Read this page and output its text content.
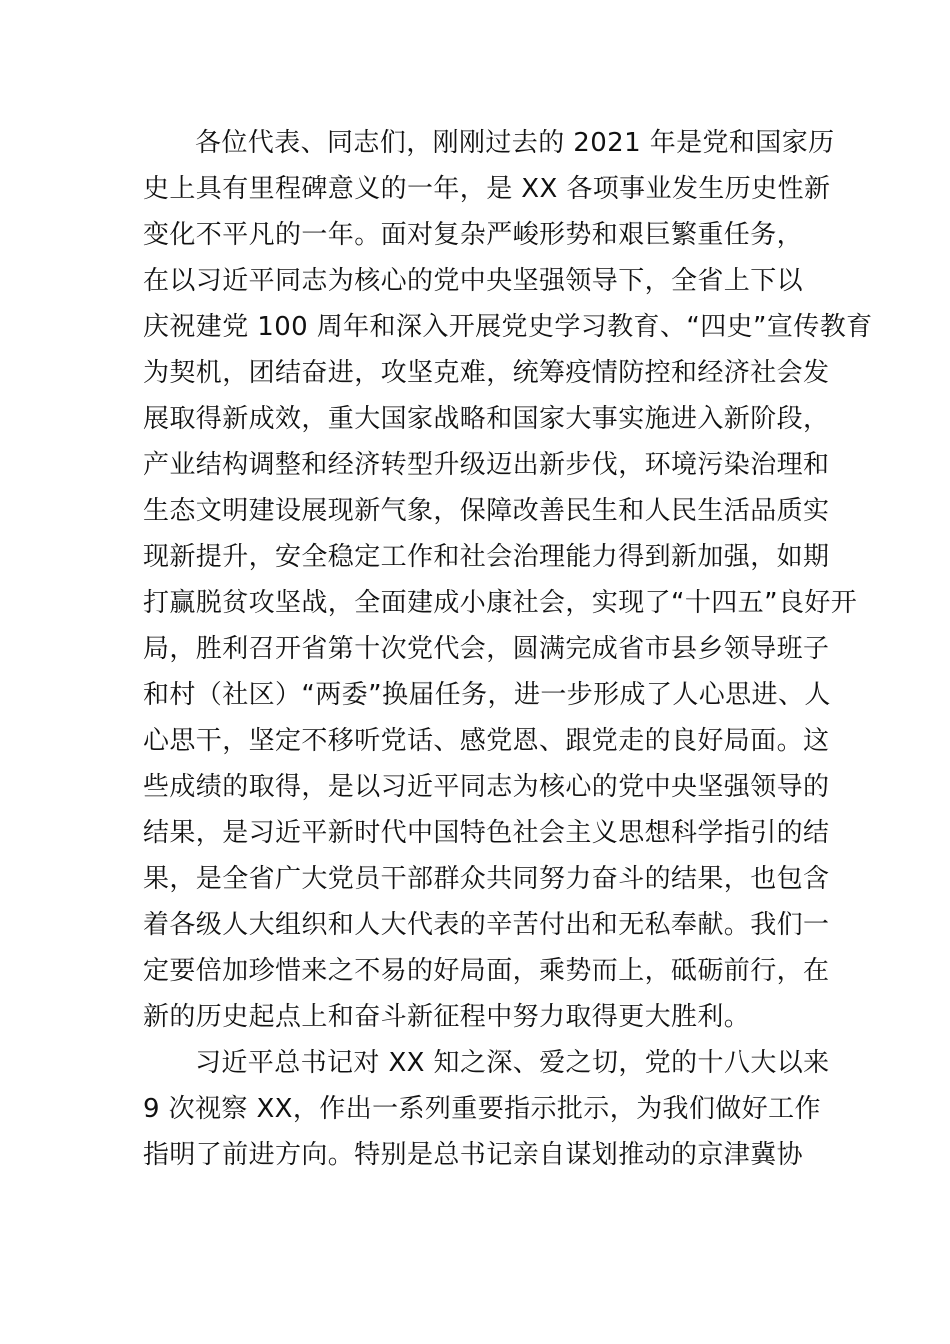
各位代表、同志们，刚刚过去的 2021 年是党和国家历
史上具有里程碑意义的一年，是 XX 各项事业发生历史性新
变化不平凡的一年。面对复杂严峻形势和艰巨繁重任务，
在以习近平同志为核心的党中央坚强领导下，全省上下以
庆祝建党 100 周年和深入开展党史学习教育、“四史”宣传教育
为契机，团结奋进，攻坚克难，统筹疫情防控和经济社会发
展取得新成效，重大国家战略和国家大事实施进入新阶段，
产业结构调整和经济转型升级迈出新步伐，环境污染治理和
生态文明建设展现新气象，保障改善民生和人民生活品质实
现新提升，安全稳定工作和社会治理能力得到新加强，如期
打赢脱贫攻坚战，全面建成小康社会，实现了“十四五”良好开
局，胜利召开省第十次党代会，圆满完成省市县乡领导班子
和村（社区）“两委”换届任务，进一步形成了人心思进、人
心思干，坚定不移听党话、感党恩、跟党走的良好局面。这
些成绩的取得，是以习近平同志为核心的党中央坚强领导的
结果，是习近平新时代中国特色社会主义思想科学指引的结
果，是全省广大党员干部群众共同努力奋斗的结果，也包含
着各级人大组织和人大代表的辛苦付出和无私奉献。我们一
定要倍加珍惜来之不易的好局面，乘势而上，砥砺前行，在
新的历史起点上和奋斗新征程中努力取得更大胜利。
习近平总书记对 XX 知之深、爱之切，党的十八大以来
9 次视察 XX，作出一系列重要指示批示，为我们做好工作
指明了前进方向。特别是总书记亲自谋划推动的京津冀协
